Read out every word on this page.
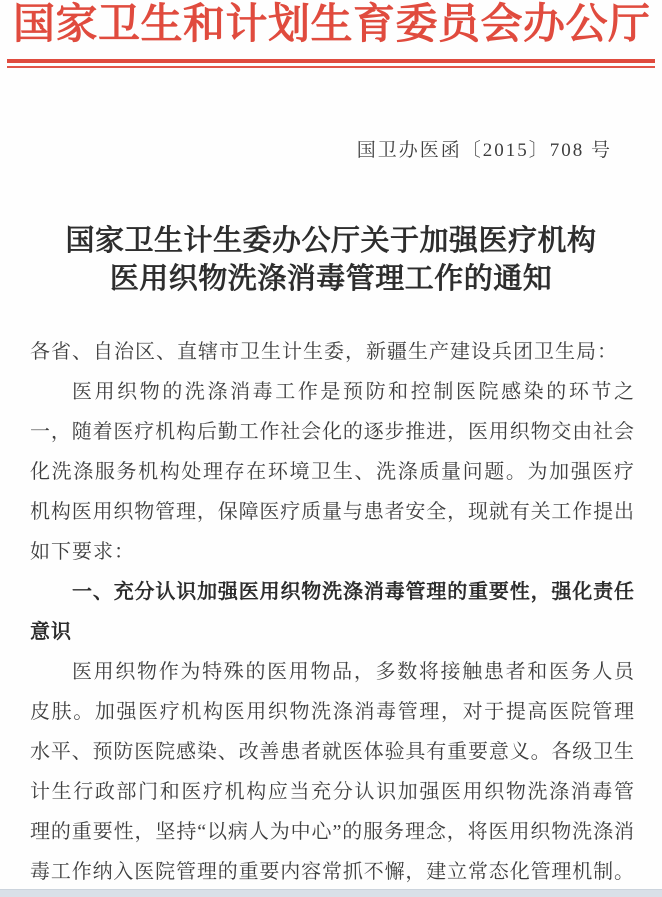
国家卫生和计划生育委员会办公厅
国卫办医函〔2015〕708 号
国家卫生计生委办公厅关于加强医疗机构
医用织物洗涤消毒管理工作的通知
各省、自治区、直辖市卫生计生委，新疆生产建设兵团卫生局：
医用织物的洗涤消毒工作是预防和控制医院感染的环节之
一，随着医疗机构后勤工作社会化的逐步推进，医用织物交由社会
化洗涤服务机构处理存在环境卫生、洗涤质量问题。为加强医疗
机构医用织物管理，保障医疗质量与患者安全，现就有关工作提出
如下要求：
一、充分认识加强医用织物洗涤消毒管理的重要性，强化责任
意识
医用织物作为特殊的医用物品，多数将接触患者和医务人员
皮肤。加强医疗机构医用织物洗涤消毒管理，对于提高医院管理
水平、预防医院感染、改善患者就医体验具有重要意义。各级卫生
计生行政部门和医疗机构应当充分认识加强医用织物洗涤消毒管
理的重要性，坚持“以病人为中心”的服务理念，将医用织物洗涤消
毒工作纳入医院管理的重要内容常抓不懈，建立常态化管理机制。
